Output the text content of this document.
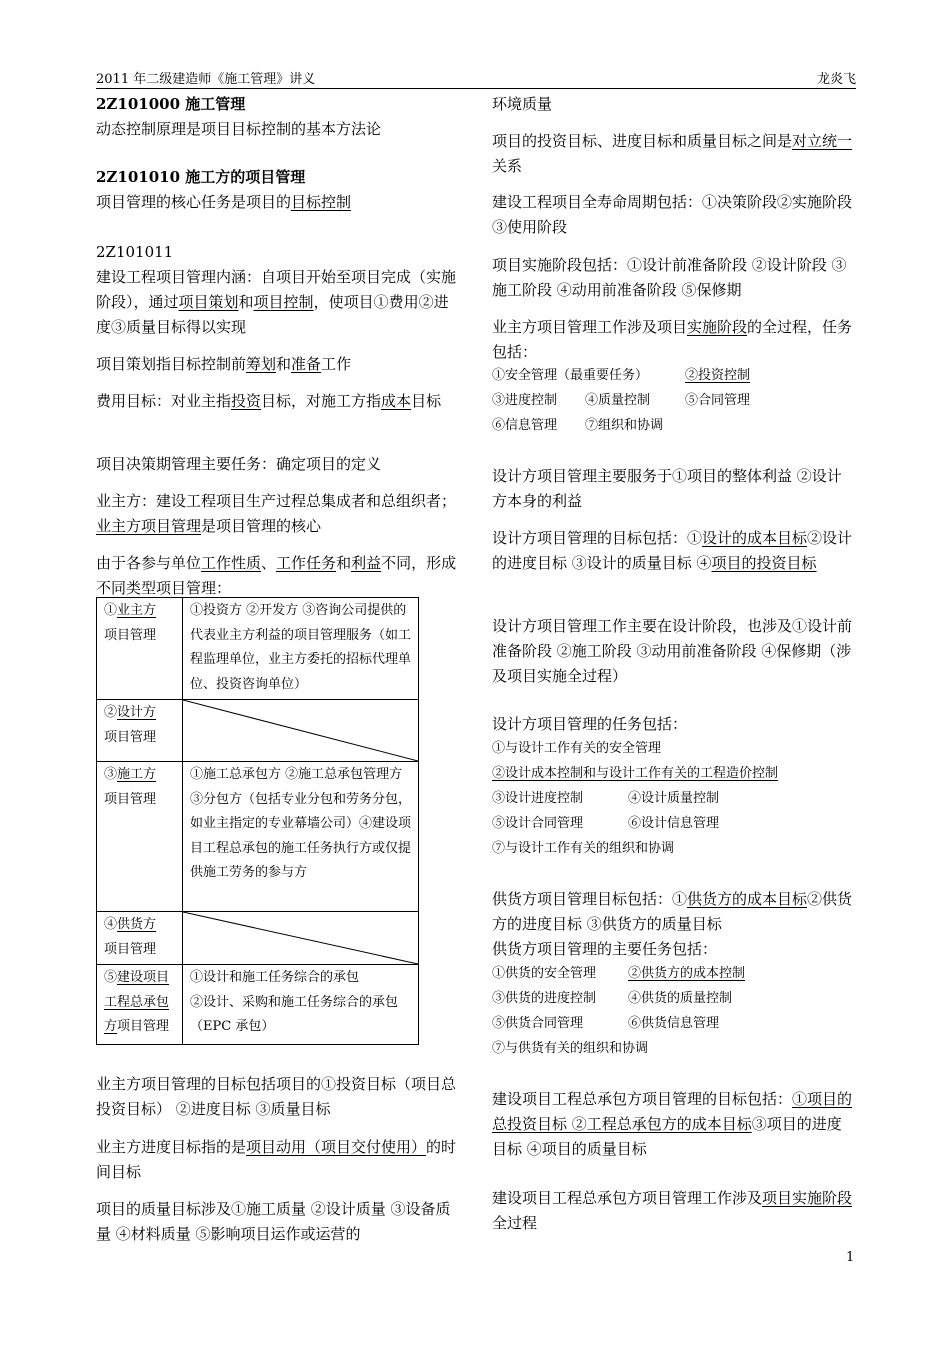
2011 年二级建造师《施工管理》讲义	龙炎飞

2Z101000 施工管理

动态控制原理是项目目标控制的基本方法论

2Z101010 施工方的项目管理

项目管理的核心任务是项目的目标控制

2Z101011

建设工程项目管理内涵：自项目开始至项目完成（实施阶段），通过项目策划和项目控制，使项目①费用②进度③质量目标得以实现

项目策划指目标控制前筹划和准备工作

费用目标：对业主指投资目标，对施工方指成本目标

项目决策期管理主要任务：确定项目的定义

业主方：建设工程项目生产过程总集成者和总组织者；业主方项目管理是项目管理的核心

由于各参与单位工作性质、工作任务和利益不同，形成不同类型项目管理：

①业主方
项目管理	①投资方 ②开发方 ③咨询公司提供的代表业主方利益的项目管理服务（如工程监理单位，业主方委托的招标代理单位、投资咨询单位）
②设计方
项目管理	

③施工方
项目管理	①施工总承包方 ②施工总承包管理方 ③分包方（包括专业分包和劳务分包，如业主指定的专业幕墙公司）④建设项目工程总承包的施工任务执行方或仅提供施工劳务的参与方
④供货方
项目管理	

⑤建设项目工程总承包方项目管理	①设计和施工任务综合的承包
②设计、采购和施工任务综合的承包（EPC 承包）

业主方项目管理的目标包括项目的①投资目标（项目总投资目标） ②进度目标 ③质量目标

业主方进度目标指的是项目动用（项目交付使用）的时间目标

项目的质量目标涉及①施工质量 ②设计质量 ③设备质量 ④材料质量 ⑤影响项目运作或运营的

环境质量

项目的投资目标、进度目标和质量目标之间是对立统一关系

建设工程项目全寿命周期包括：①决策阶段②实施阶段 ③使用阶段

项目实施阶段包括：①设计前准备阶段 ②设计阶段 ③施工阶段 ④动用前准备阶段 ⑤保修期

业主方项目管理工作涉及项目实施阶段的全过程，任务包括：

①安全管理（最重要任务）	②投资控制
③进度控制 ④质量控制	⑤合同管理
⑥信息管理 ⑦组织和协调

设计方项目管理主要服务于①项目的整体利益 ②设计方本身的利益

设计方项目管理的目标包括：①设计的成本目标②设计的进度目标 ③设计的质量目标 ④项目的投资目标

设计方项目管理工作主要在设计阶段，也涉及①设计前准备阶段 ②施工阶段 ③动用前准备阶段 ④保修期（涉及项目实施全过程）

设计方项目管理的任务包括：

①与设计工作有关的安全管理
②设计成本控制和与设计工作有关的工程造价控制
③设计进度控制	④设计质量控制
⑤设计合同管理	⑥设计信息管理
⑦与设计工作有关的组织和协调

供货方项目管理目标包括：①供货方的成本目标②供货方的进度目标 ③供货方的质量目标

供货方项目管理的主要任务包括：

①供货的安全管理 ②供货方的成本控制
③供货的进度控制 ④供货的质量控制
⑤供货合同管理	⑥供货信息管理
⑦与供货有关的组织和协调

建设项目工程总承包方项目管理的目标包括：①项目的总投资目标 ②工程总承包方的成本目标③项目的进度目标 ④项目的质量目标

建设项目工程总承包方项目管理工作涉及项目实施阶段全过程

1
